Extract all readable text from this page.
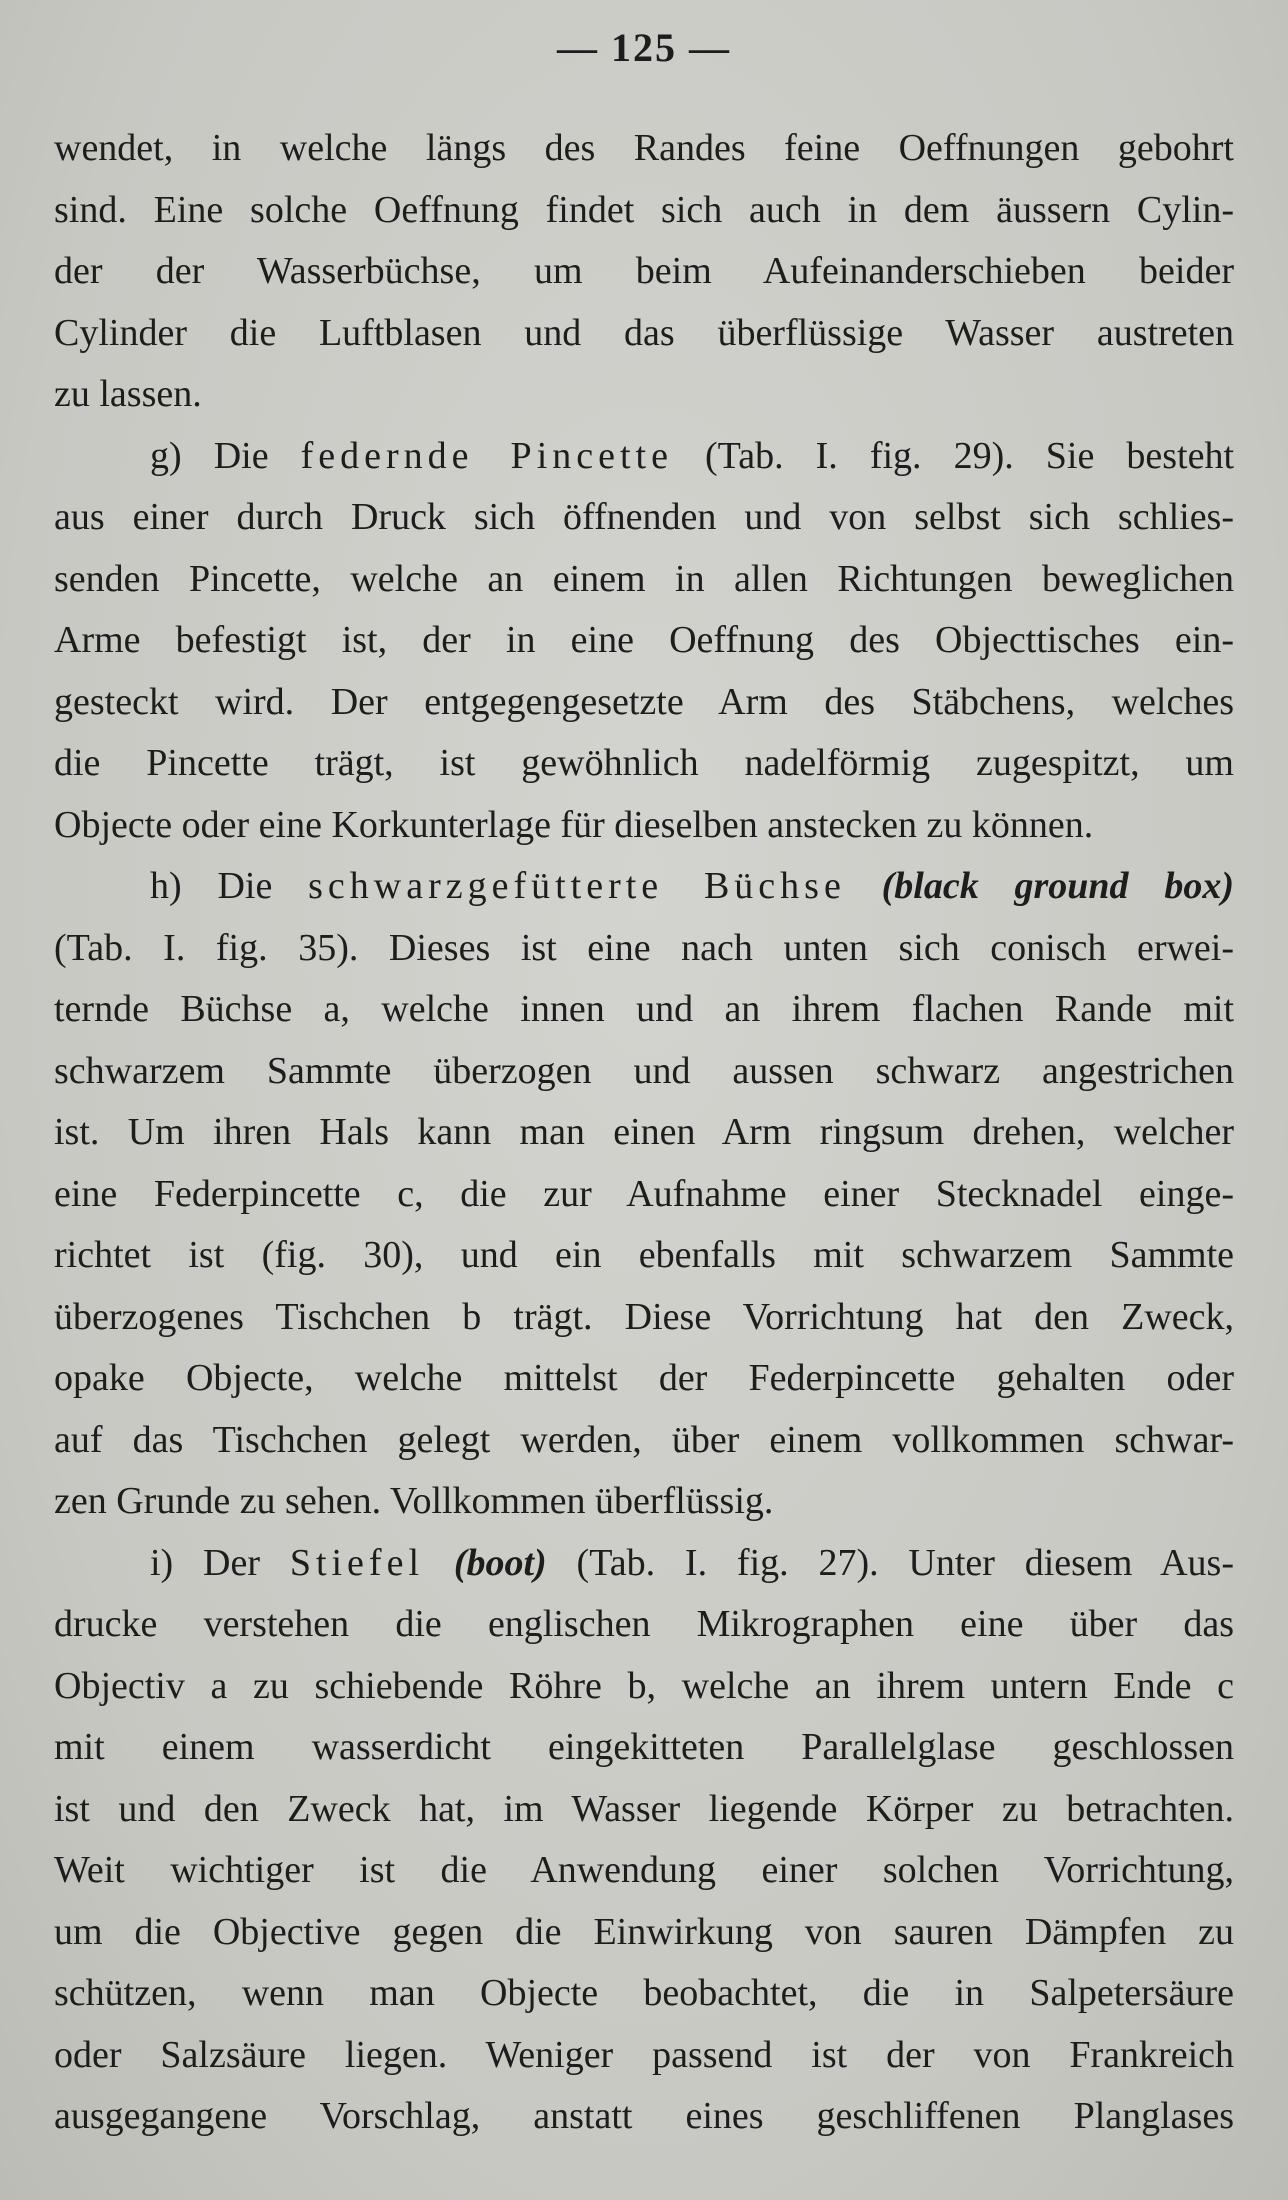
— 125 —
wendet, in welche längs des Randes feine Oeffnungen gebohrt
sind. Eine solche Oeffnung findet sich auch in dem äussern Cylin-
der der Wasserbüchse, um beim Aufeinanderschieben beider
Cylinder die Luftblasen und das überflüssige Wasser austreten
zu lassen.
g) Die federnde Pincette (Tab. I. fig. 29). Sie besteht
aus einer durch Druck sich öffnenden und von selbst sich schlies-
senden Pincette, welche an einem in allen Richtungen beweglichen
Arme befestigt ist, der in eine Oeffnung des Objecttisches ein-
gesteckt wird. Der entgegengesetzte Arm des Stäbchens, welches
die Pincette trägt, ist gewöhnlich nadelförmig zugespitzt, um
Objecte oder eine Korkunterlage für dieselben anstecken zu können.
h) Die schwarzgefütterte Büchse (black ground box)
(Tab. I. fig. 35). Dieses ist eine nach unten sich conisch erwei-
ternde Büchse a, welche innen und an ihrem flachen Rande mit
schwarzem Sammte überzogen und aussen schwarz angestrichen
ist. Um ihren Hals kann man einen Arm ringsum drehen, welcher
eine Federpincette c, die zur Aufnahme einer Stecknadel einge-
richtet ist (fig. 30), und ein ebenfalls mit schwarzem Sammte
überzogenes Tischchen b trägt. Diese Vorrichtung hat den Zweck,
opake Objecte, welche mittelst der Federpincette gehalten oder
auf das Tischchen gelegt werden, über einem vollkommen schwar-
zen Grunde zu sehen. Vollkommen überflüssig.
i) Der Stiefel (boot) (Tab. I. fig. 27). Unter diesem Aus-
drucke verstehen die englischen Mikrographen eine über das
Objectiv a zu schiebende Röhre b, welche an ihrem untern Ende c
mit einem wasserdicht eingekitteten Parallelglase geschlossen
ist und den Zweck hat, im Wasser liegende Körper zu betrachten.
Weit wichtiger ist die Anwendung einer solchen Vorrichtung,
um die Objective gegen die Einwirkung von sauren Dämpfen zu
schützen, wenn man Objecte beobachtet, die in Salpetersäure
oder Salzsäure liegen. Weniger passend ist der von Frankreich
ausgegangene Vorschlag, anstatt eines geschliffenen Planglases
